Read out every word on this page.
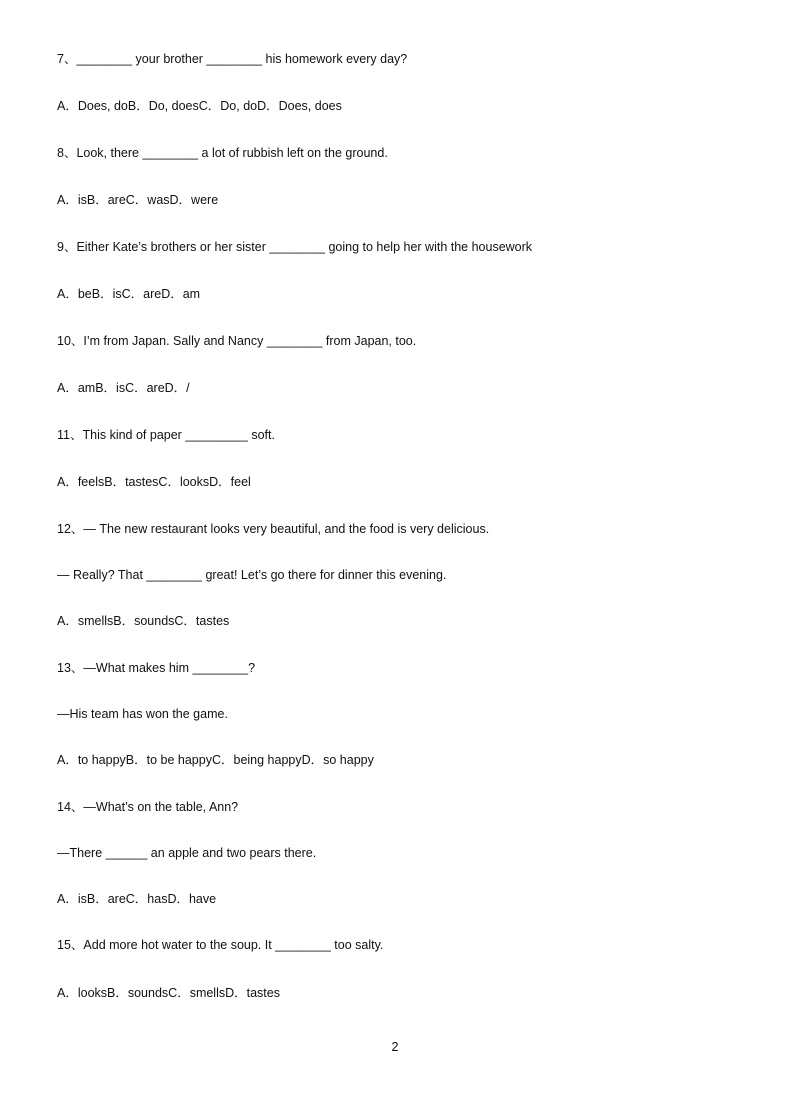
7、________ your brother ________ his homework every day?
A．Does, doB．Do, doesC．Do, doD．Does, does
8、Look, there ________ a lot of rubbish left on the ground.
A．isB．areC．wasD．were
9、Either Kate’s brothers or her sister ________ going to help her with the housework
A．beB．isC．areD．am
10、I’m from Japan. Sally and Nancy ________ from Japan, too.
A．amB．isC．areD．/
11、This kind of paper _________ soft.
A．feelsB．tastesC．looksD．feel
12、— The new restaurant looks very beautiful, and the food is very delicious.
— Really? That ________ great! Let’s go there for dinner this evening.
A．smellsB．soundsC．tastes
13、—What makes him ________?
—His team has won the game.
A．to happyB．to be happyC．being happyD．so happy
14、—What’s on the table, Ann?
—There ______ an apple and two pears there.
A．isB．areC．hasD．have
15、Add more hot water to the soup. It ________ too salty.
A．looksB．soundsC．smellsD．tastes
2
